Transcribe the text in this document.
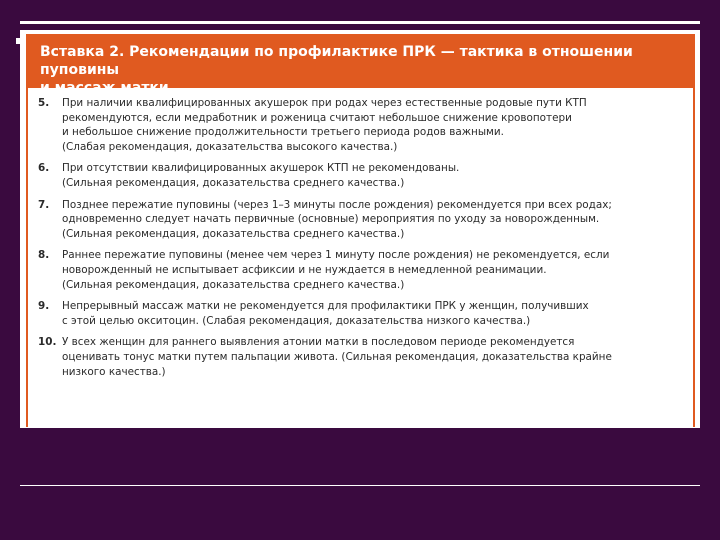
Вставка 2. Рекомендации по профилактике ПРК — тактика в отношении пуповины
и массаж матки
5.	При наличии квалифицированных акушерок при родах через естественные родовые пути КТП
рекомендуются, если медработник и роженица считают небольшое снижение кровопотери
и небольшое снижение продолжительности третьего периода родов важными.
(Слабая рекомендация, доказательства высокого качества.)
6.	При отсутствии квалифицированных акушерок КТП не рекомендованы.
(Сильная рекомендация, доказательства среднего качества.)
7.	Позднее пережатие пуповины (через 1–3 минуты после рождения) рекомендуется при всех родах;
одновременно следует начать первичные (основные) мероприятия по уходу за новорожденным.
(Сильная рекомендация, доказательства среднего качества.)
8.	Раннее пережатие пуповины (менее чем через 1 минуту после рождения) не рекомендуется, если
новорожденный не испытывает асфиксии и не нуждается в немедленной реанимации.
(Сильная рекомендация, доказательства среднего качества.)
9.	Непрерывный массаж матки не рекомендуется для профилактики ПРК у женщин, получивших
с этой целью окситоцин. (Слабая рекомендация, доказательства низкого качества.)
10. У всех женщин для раннего выявления атонии матки в последовом периоде рекомендуется
оценивать тонус матки путем пальпации живота. (Сильная рекомендация, доказательства крайне
низкого качества.)
